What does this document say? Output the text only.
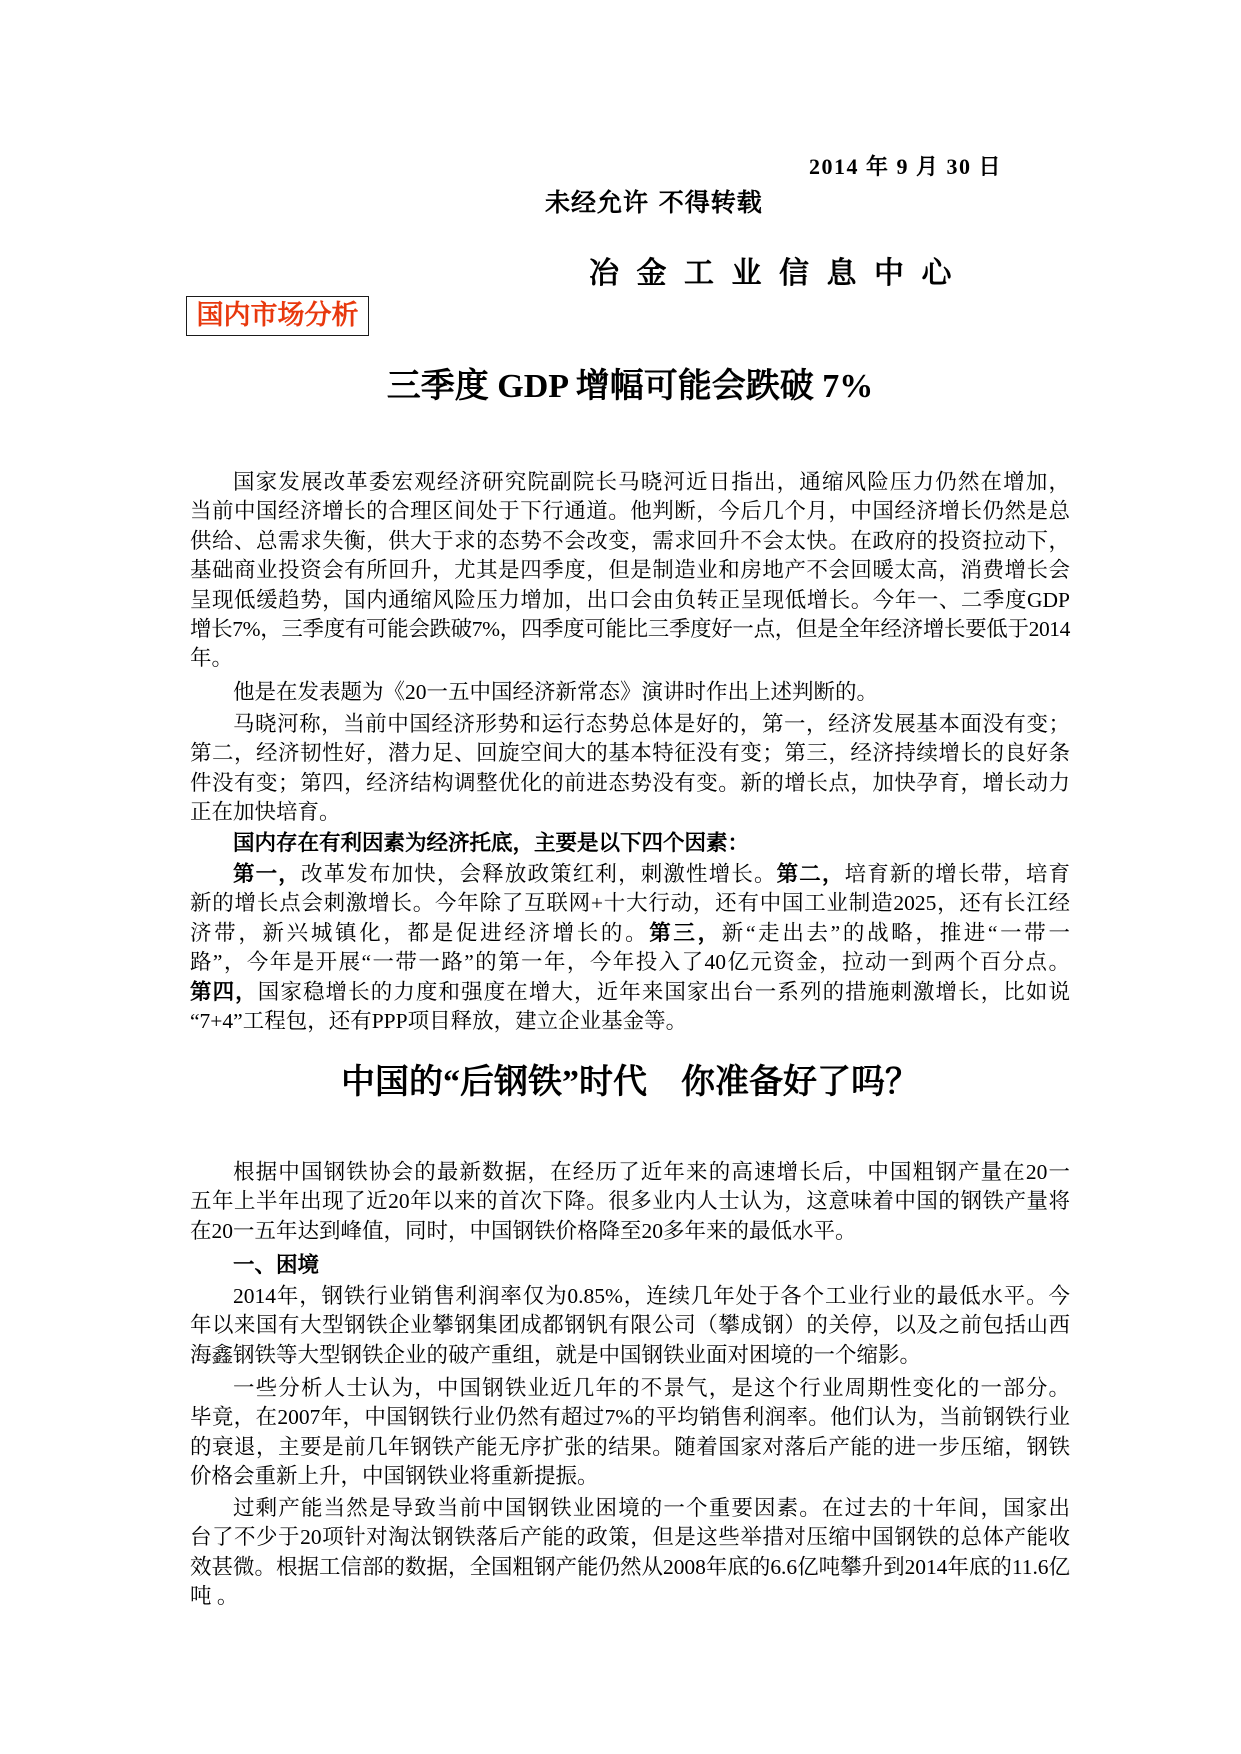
2014 年 9 月 30 日
未经允许 不得转载
冶 金 工 业 信 息 中 心
国内市场分析
三季度 GDP 增幅可能会跌破 7%
国家发展改革委宏观经济研究院副院长马晓河近日指出，通缩风险压力仍然在增加，
当前中国经济增长的合理区间处于下行通道。他判断，今后几个月，中国经济增长仍然是总
供给、总需求失衡，供大于求的态势不会改变，需求回升不会太快。在政府的投资拉动下，
基础商业投资会有所回升，尤其是四季度，但是制造业和房地产不会回暖太高，消费增长会
呈现低缓趋势，国内通缩风险压力增加，出口会由负转正呈现低增长。今年一、二季度GDP
增长7%，三季度有可能会跌破7%，四季度可能比三季度好一点，但是全年经济增长要低于2014
年。
他是在发表题为《20一五中国经济新常态》演讲时作出上述判断的。
马晓河称，当前中国经济形势和运行态势总体是好的，第一，经济发展基本面没有变；
第二，经济韧性好，潜力足、回旋空间大的基本特征没有变；第三，经济持续增长的良好条
件没有变；第四，经济结构调整优化的前进态势没有变。新的增长点，加快孕育，增长动力
正在加快培育。
国内存在有利因素为经济托底，主要是以下四个因素：
第一，改革发布加快，会释放政策红利，刺激性增长。第二，培育新的增长带，培育
新的增长点会刺激增长。今年除了互联网+十大行动，还有中国工业制造2025，还有长江经
济带，新兴城镇化，都是促进经济增长的。第三，新“走出去”的战略，推进“一带一
路”，今年是开展“一带一路”的第一年，今年投入了40亿元资金，拉动一到两个百分点。
第四，国家稳增长的力度和强度在增大，近年来国家出台一系列的措施刺激增长，比如说
“7+4”工程包，还有PPP项目释放，建立企业基金等。
中国的“后钢铁”时代　你准备好了吗？
根据中国钢铁协会的最新数据，在经历了近年来的高速增长后，中国粗钢产量在20一
五年上半年出现了近20年以来的首次下降。很多业内人士认为，这意味着中国的钢铁产量将
在20一五年达到峰值，同时，中国钢铁价格降至20多年来的最低水平。
一、困境
2014年，钢铁行业销售利润率仅为0.85%，连续几年处于各个工业行业的最低水平。今
年以来国有大型钢铁企业攀钢集团成都钢钒有限公司（攀成钢）的关停，以及之前包括山西
海鑫钢铁等大型钢铁企业的破产重组，就是中国钢铁业面对困境的一个缩影。
一些分析人士认为，中国钢铁业近几年的不景气，是这个行业周期性变化的一部分。
毕竟，在2007年，中国钢铁行业仍然有超过7%的平均销售利润率。他们认为，当前钢铁行业
的衰退，主要是前几年钢铁产能无序扩张的结果。随着国家对落后产能的进一步压缩，钢铁
价格会重新上升，中国钢铁业将重新提振。
过剩产能当然是导致当前中国钢铁业困境的一个重要因素。在过去的十年间，国家出
台了不少于20项针对淘汰钢铁落后产能的政策，但是这些举措对压缩中国钢铁的总体产能收
效甚微。根据工信部的数据，全国粗钢产能仍然从2008年底的6.6亿吨攀升到2014年底的11.6亿
吨 。
